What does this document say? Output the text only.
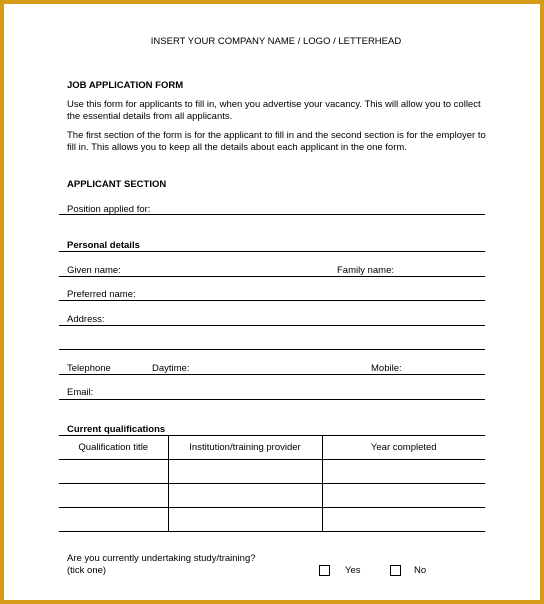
INSERT YOUR COMPANY NAME / LOGO / LETTERHEAD
JOB APPLICATION FORM
Use this form for applicants to fill in, when you advertise your vacancy. This will allow you to collect the essential details from all applicants.
The first section of the form is for the applicant to fill in and the second section is for the employer to fill in. This allows you to keep all the details about each applicant in the one form.
APPLICANT SECTION
Position applied for:
Personal details
Given name:	Family name:
Preferred name:
Address:
Telephone	Daytime:	Mobile:
Email:
Current qualifications
Qualification title	Institution/training provider	Year completed

Are you currently undertaking study/training?
(tick one)	Yes	No
